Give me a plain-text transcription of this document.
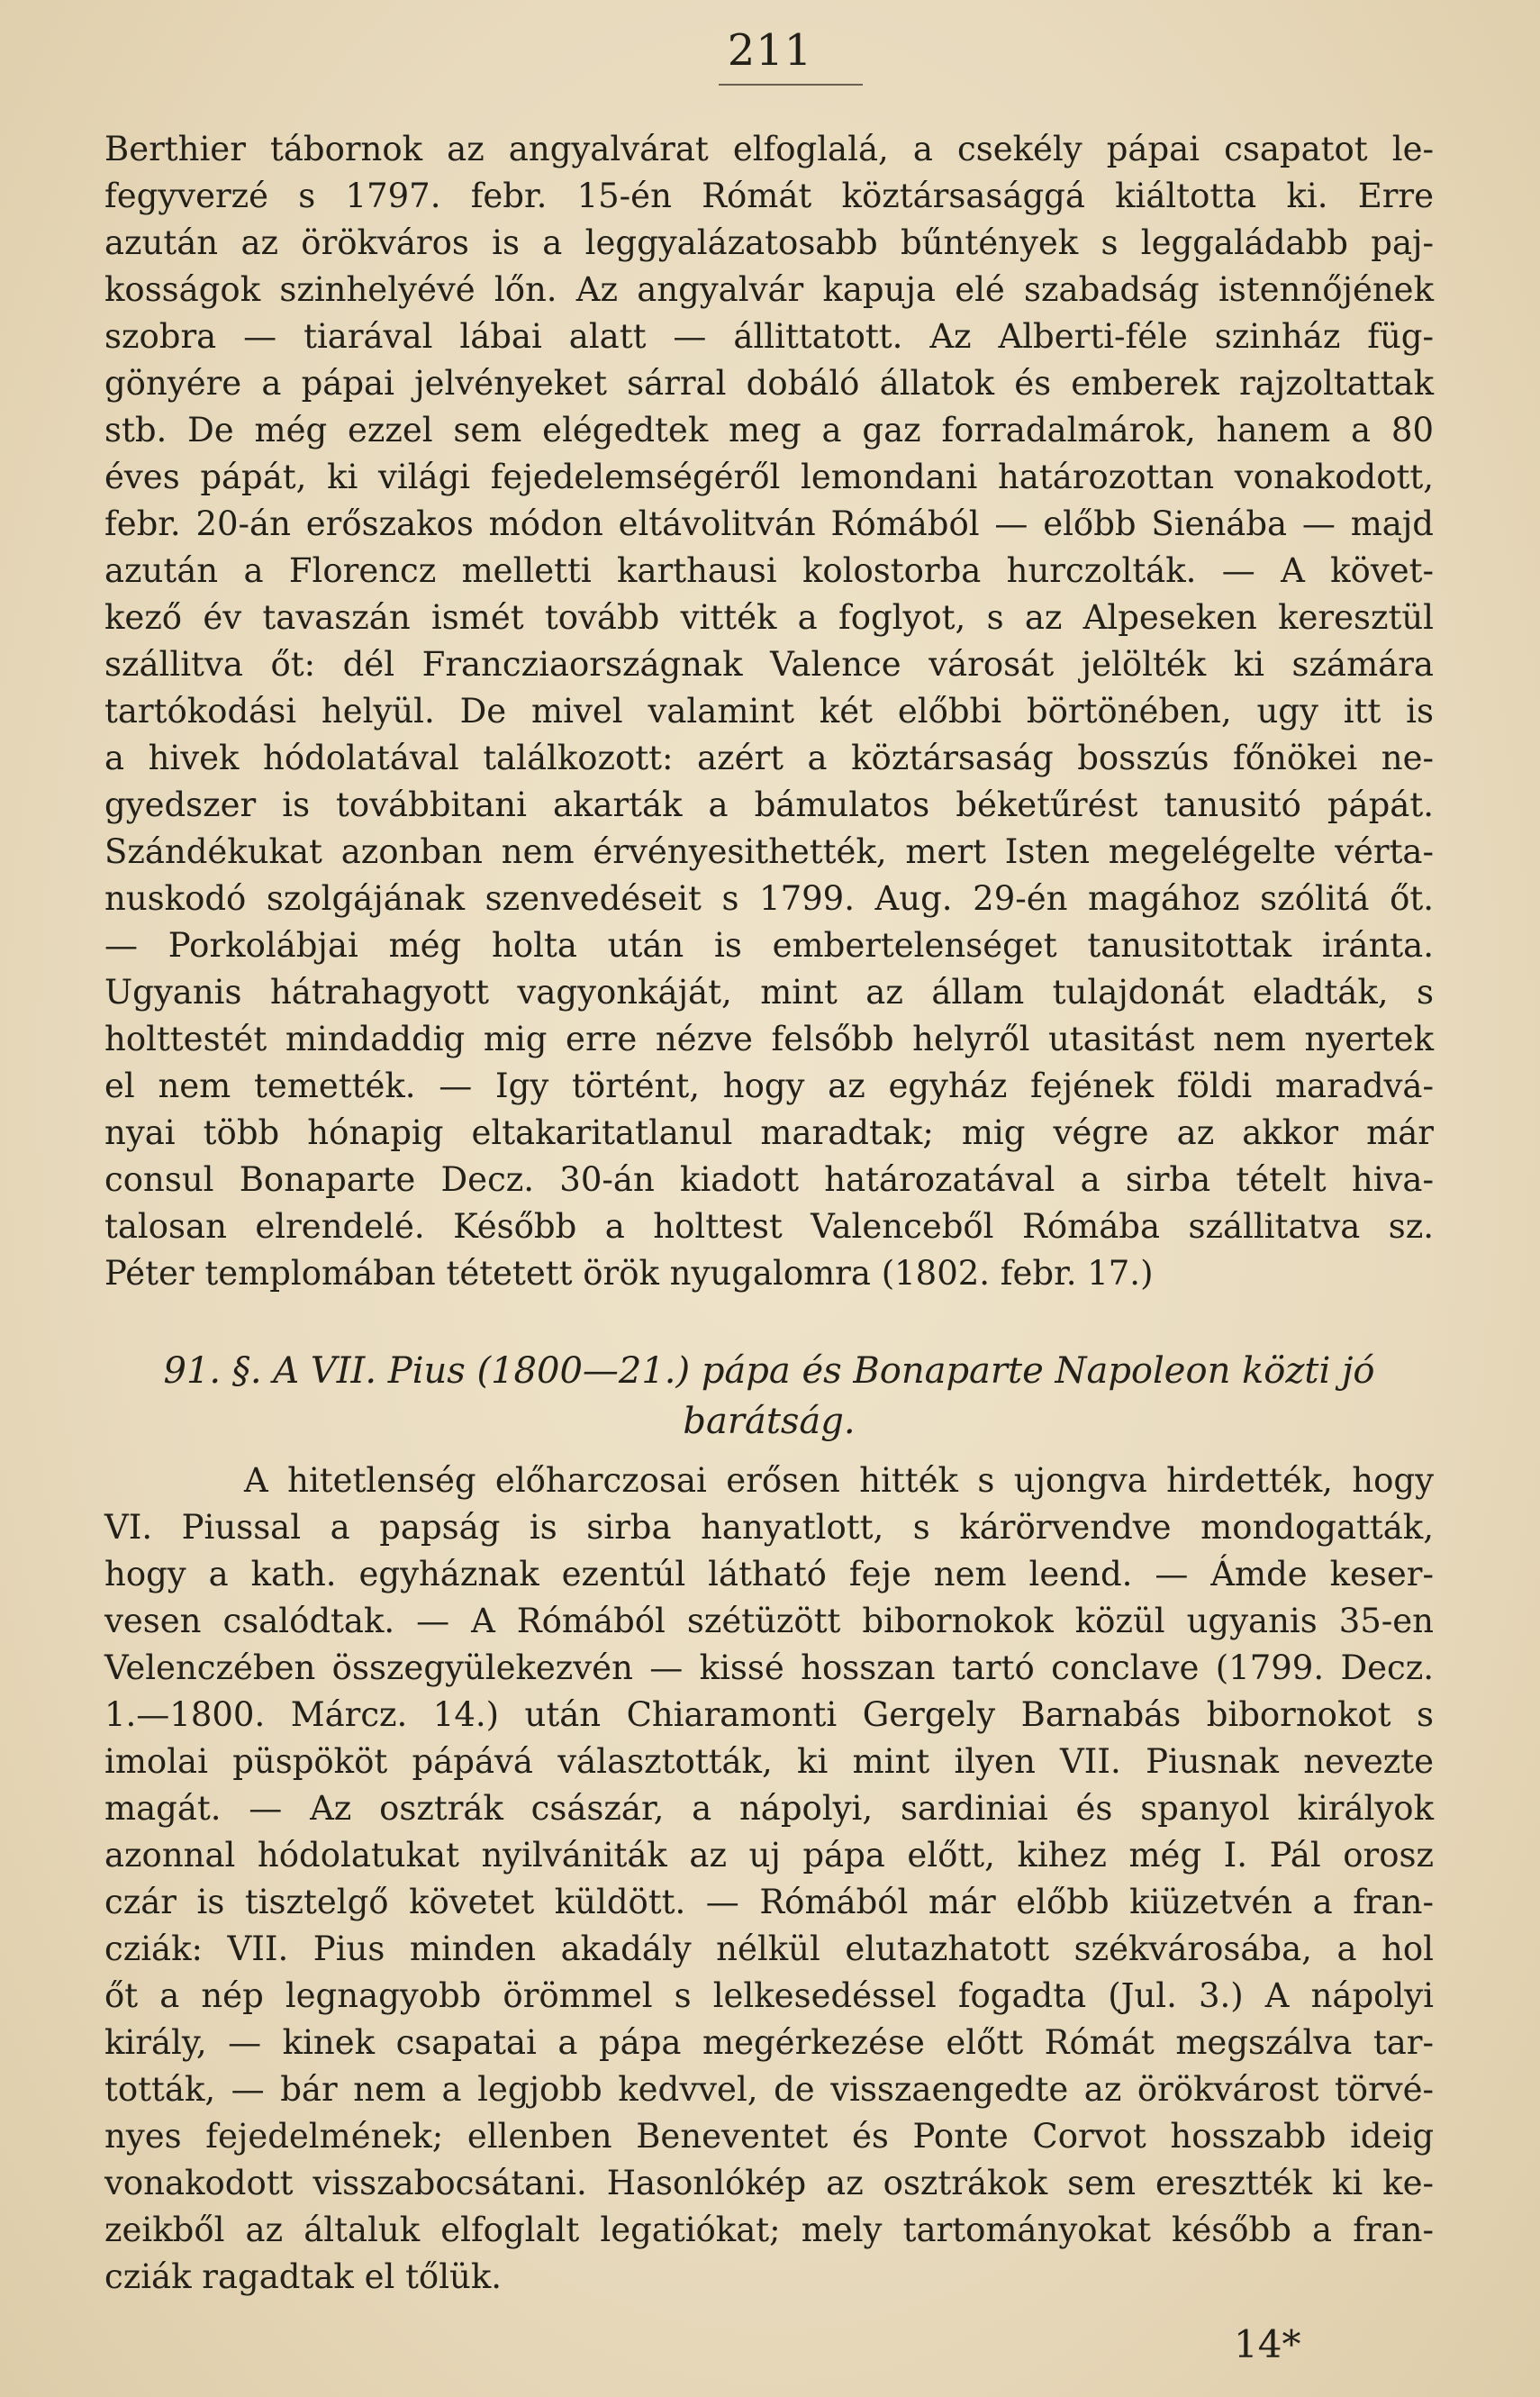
211
Berthier tábornok az angyalvárat elfoglalá, a csekély pápai csapatot le-
fegyverzé s 1797. febr. 15-én Rómát köztársasággá kiáltotta ki. Erre
azután az örökváros is a leggyalázatosabb bűntények s leggaládabb paj-
kosságok szinhelyévé lőn. Az angyalvár kapuja elé szabadság istennőjének
szobra — tiarával lábai alatt — állittatott. Az Alberti-féle szinház füg-
gönyére a pápai jelvényeket sárral dobáló állatok és emberek rajzoltattak
stb. De még ezzel sem elégedtek meg a gaz forradalmárok, hanem a 80
éves pápát, ki világi fejedelemségéről lemondani határozottan vonakodott,
febr. 20-án erőszakos módon eltávolitván Rómából — előbb Sienába — majd
azután a Florencz melletti karthausi kolostorba hurczolták. — A követ-
kező év tavaszán ismét tovább vitték a foglyot, s az Alpeseken keresztül
szállitva őt: dél Francziaországnak Valence városát jelölték ki számára
tartókodási helyül. De mivel valamint két előbbi börtönében, ugy itt is
a hivek hódolatával találkozott: azért a köztársaság bosszús főnökei ne-
gyedszer is továbbitani akarták a bámulatos béketűrést tanusitó pápát.
Szándékukat azonban nem érvényesithették, mert Isten megelégelte vérta-
nuskodó szolgájának szenvedéseit s 1799. Aug. 29-én magához szólitá őt.
— Porkolábjai még holta után is embertelenséget tanusitottak iránta.
Ugyanis hátrahagyott vagyonkáját, mint az állam tulajdonát eladták, s
holttestét mindaddig mig erre nézve felsőbb helyről utasitást nem nyertek
el nem temették. — Igy történt, hogy az egyház fejének földi maradvá-
nyai több hónapig eltakaritatlanul maradtak; mig végre az akkor már
consul Bonaparte Decz. 30-án kiadott határozatával a sirba tételt hiva-
talosan elrendelé. Később a holttest Valenceből Rómába szállitatva sz.
Péter templomában tétetett örök nyugalomra (1802. febr. 17.)
91. §. A VII. Pius (1800—21.) pápa és Bonaparte Napoleon közti jó
barátság.
A hitetlenség előharczosai erősen hitték s ujongva hirdették, hogy
VI. Piussal a papság is sirba hanyatlott, s kárörvendve mondogatták,
hogy a kath. egyháznak ezentúl látható feje nem leend. — Ámde keser-
vesen csalódtak. — A Rómából szétüzött bibornokok közül ugyanis 35-en
Velenczében összegyülekezvén — kissé hosszan tartó conclave (1799. Decz.
1.—1800. Márcz. 14.) után Chiaramonti Gergely Barnabás bibornokot s
imolai püspököt pápává választották, ki mint ilyen VII. Piusnak nevezte
magát. — Az osztrák császár, a nápolyi, sardiniai és spanyol királyok
azonnal hódolatukat nyilvániták az uj pápa előtt, kihez még I. Pál orosz
czár is tisztelgő követet küldött. — Rómából már előbb kiüzetvén a fran-
cziák: VII. Pius minden akadály nélkül elutazhatott székvárosába, a hol
őt a nép legnagyobb örömmel s lelkesedéssel fogadta (Jul. 3.) A nápolyi
király, — kinek csapatai a pápa megérkezése előtt Rómát megszálva tar-
tották, — bár nem a legjobb kedvvel, de visszaengedte az örökvárost törvé-
nyes fejedelmének; ellenben Beneventet és Ponte Corvot hosszabb ideig
vonakodott visszabocsátani. Hasonlókép az osztrákok sem eresztték ki ke-
zeikből az általuk elfoglalt legatiókat; mely tartományokat később a fran-
cziák ragadtak el tőlük.
14*
